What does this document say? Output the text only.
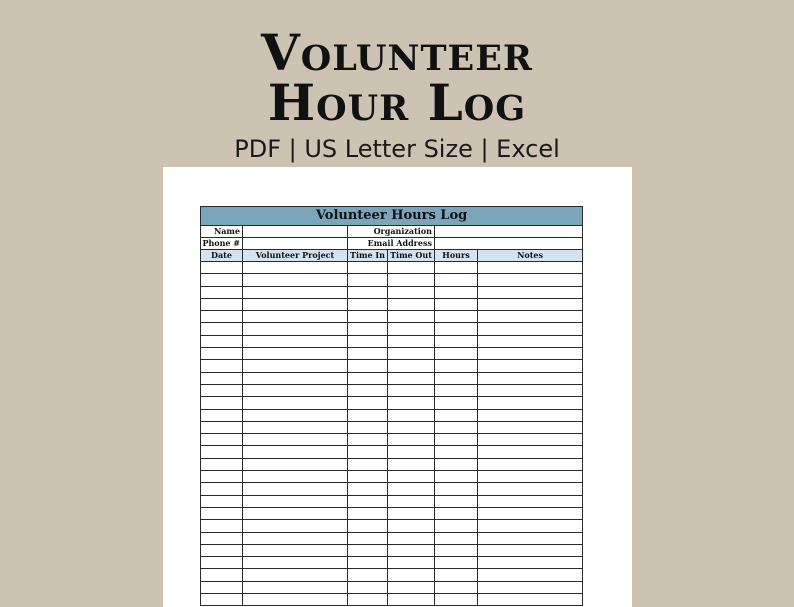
Volunteer
Hour Log
PDF | US Letter Size | Excel
Volunteer Hours Log					
Name		Organization			
Phone #		Email Address			
Date	Volunteer Project	Time In	Time Out	Hours	Notes
